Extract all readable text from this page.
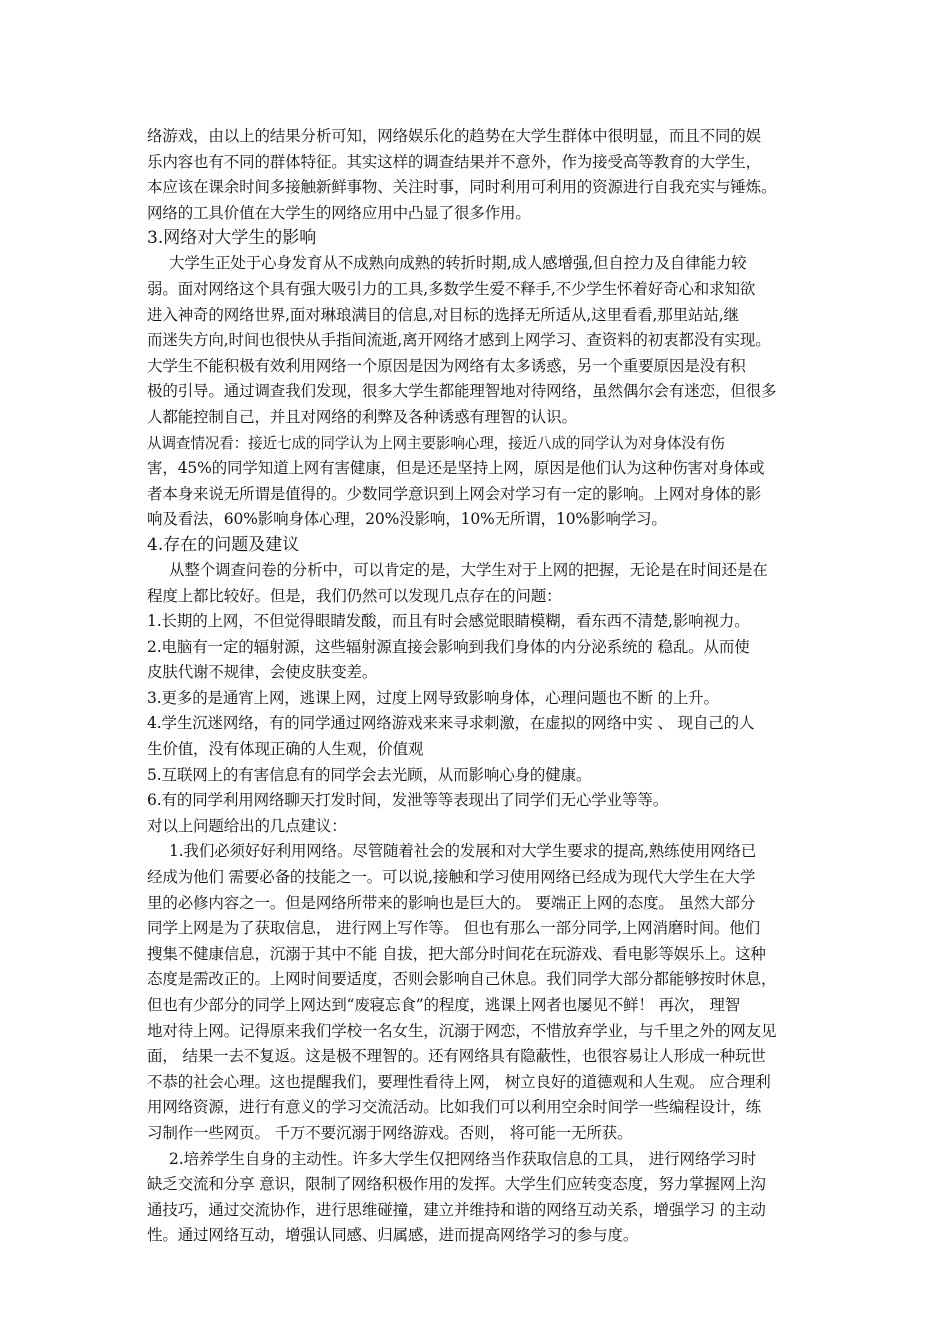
络游戏，由以上的结果分析可知，网络娱乐化的趋势在大学生群体中很明显，而且不同的娱
乐内容也有不同的群体特征。其实这样的调查结果并不意外，作为接受高等教育的大学生，
本应该在课余时间多接触新鲜事物、关注时事，同时利用可利用的资源进行自我充实与锤炼。
网络的工具价值在大学生的网络应用中凸显了很多作用。
3.网络对大学生的影响
大学生正处于心身发育从不成熟向成熟的转折时期,成人感增强,但自控力及自律能力较
弱。面对网络这个具有强大吸引力的工具,多数学生爱不释手,不少学生怀着好奇心和求知欲
进入神奇的网络世界,面对琳琅满目的信息,对目标的选择无所适从,这里看看,那里站站,继
而迷失方向,时间也很快从手指间流逝,离开网络才感到上网学习、查资料的初衷都没有实现。
大学生不能积极有效利用网络一个原因是因为网络有太多诱惑，另一个重要原因是没有积
极的引导。通过调查我们发现，很多大学生都能理智地对待网络，虽然偶尔会有迷恋，但很多
人都能控制自己，并且对网络的利弊及各种诱惑有理智的认识。
从调查情况看：接近七成的同学认为上网主要影响心理，接近八成的同学认为对身体没有伤
害，45%的同学知道上网有害健康，但是还是坚持上网，原因是他们认为这种伤害对身体或
者本身来说无所谓是值得的。少数同学意识到上网会对学习有一定的影响。上网对身体的影
响及看法，60%影响身体心理，20%没影响，10%无所谓，10%影响学习。
4.存在的问题及建议
从整个调查问卷的分析中，可以肯定的是，大学生对于上网的把握，无论是在时间还是在
程度上都比较好。但是，我们仍然可以发现几点存在的问题：
1.长期的上网，不但觉得眼睛发酸，而且有时会感觉眼睛模糊，看东西不清楚,影响视力。
2.电脑有一定的辐射源，这些辐射源直接会影响到我们身体的内分泌系统的 稳乱。从而使
皮肤代谢不规律，会使皮肤变差。
3.更多的是通宵上网，逃课上网，过度上网导致影响身体，心理问题也不断 的上升。
4.学生沉迷网络，有的同学通过网络游戏来来寻求刺激，在虚拟的网络中实 、 现自己的人
生价值，没有体现正确的人生观，价值观
5.互联网上的有害信息有的同学会去光顾，从而影响心身的健康。
6.有的同学利用网络聊天打发时间，发泄等等表现出了同学们无心学业等等。
对以上问题给出的几点建议：
1.我们必须好好利用网络。尽管随着社会的发展和对大学生要求的提高,熟练使用网络已
经成为他们 需要必备的技能之一。可以说,接触和学习使用网络已经成为现代大学生在大学
里的必修内容之一。但是网络所带来的影响也是巨大的。 要端正上网的态度。 虽然大部分
同学上网是为了获取信息， 进行网上写作等。 但也有那么一部分同学,上网消磨时间。他们
搜集不健康信息，沉溺于其中不能 自拔，把大部分时间花在玩游戏、看电影等娱乐上。这种
态度是需改正的。上网时间要适度，否则会影响自己休息。我们同学大部分都能够按时休息，
但也有少部分的同学上网达到“废寝忘食”的程度，逃课上网者也屡见不鲜！ 再次， 理智
地对待上网。记得原来我们学校一名女生，沉溺于网恋，不惜放弃学业，与千里之外的网友见
面， 结果一去不复返。这是极不理智的。还有网络具有隐蔽性，也很容易让人形成一种玩世
不恭的社会心理。这也提醒我们，要理性看待上网， 树立良好的道德观和人生观。 应合理利
用网络资源，进行有意义的学习交流活动。比如我们可以利用空余时间学一些编程设计，练
习制作一些网页。 千万不要沉溺于网络游戏。否则， 将可能一无所获。
2.培养学生自身的主动性。许多大学生仅把网络当作获取信息的工具， 进行网络学习时
缺乏交流和分享 意识，限制了网络积极作用的发挥。大学生们应转变态度，努力掌握网上沟
通技巧，通过交流协作，进行思维碰撞，建立并维持和谐的网络互动关系，增强学习 的主动
性。通过网络互动，增强认同感、归属感，进而提高网络学习的参与度。
